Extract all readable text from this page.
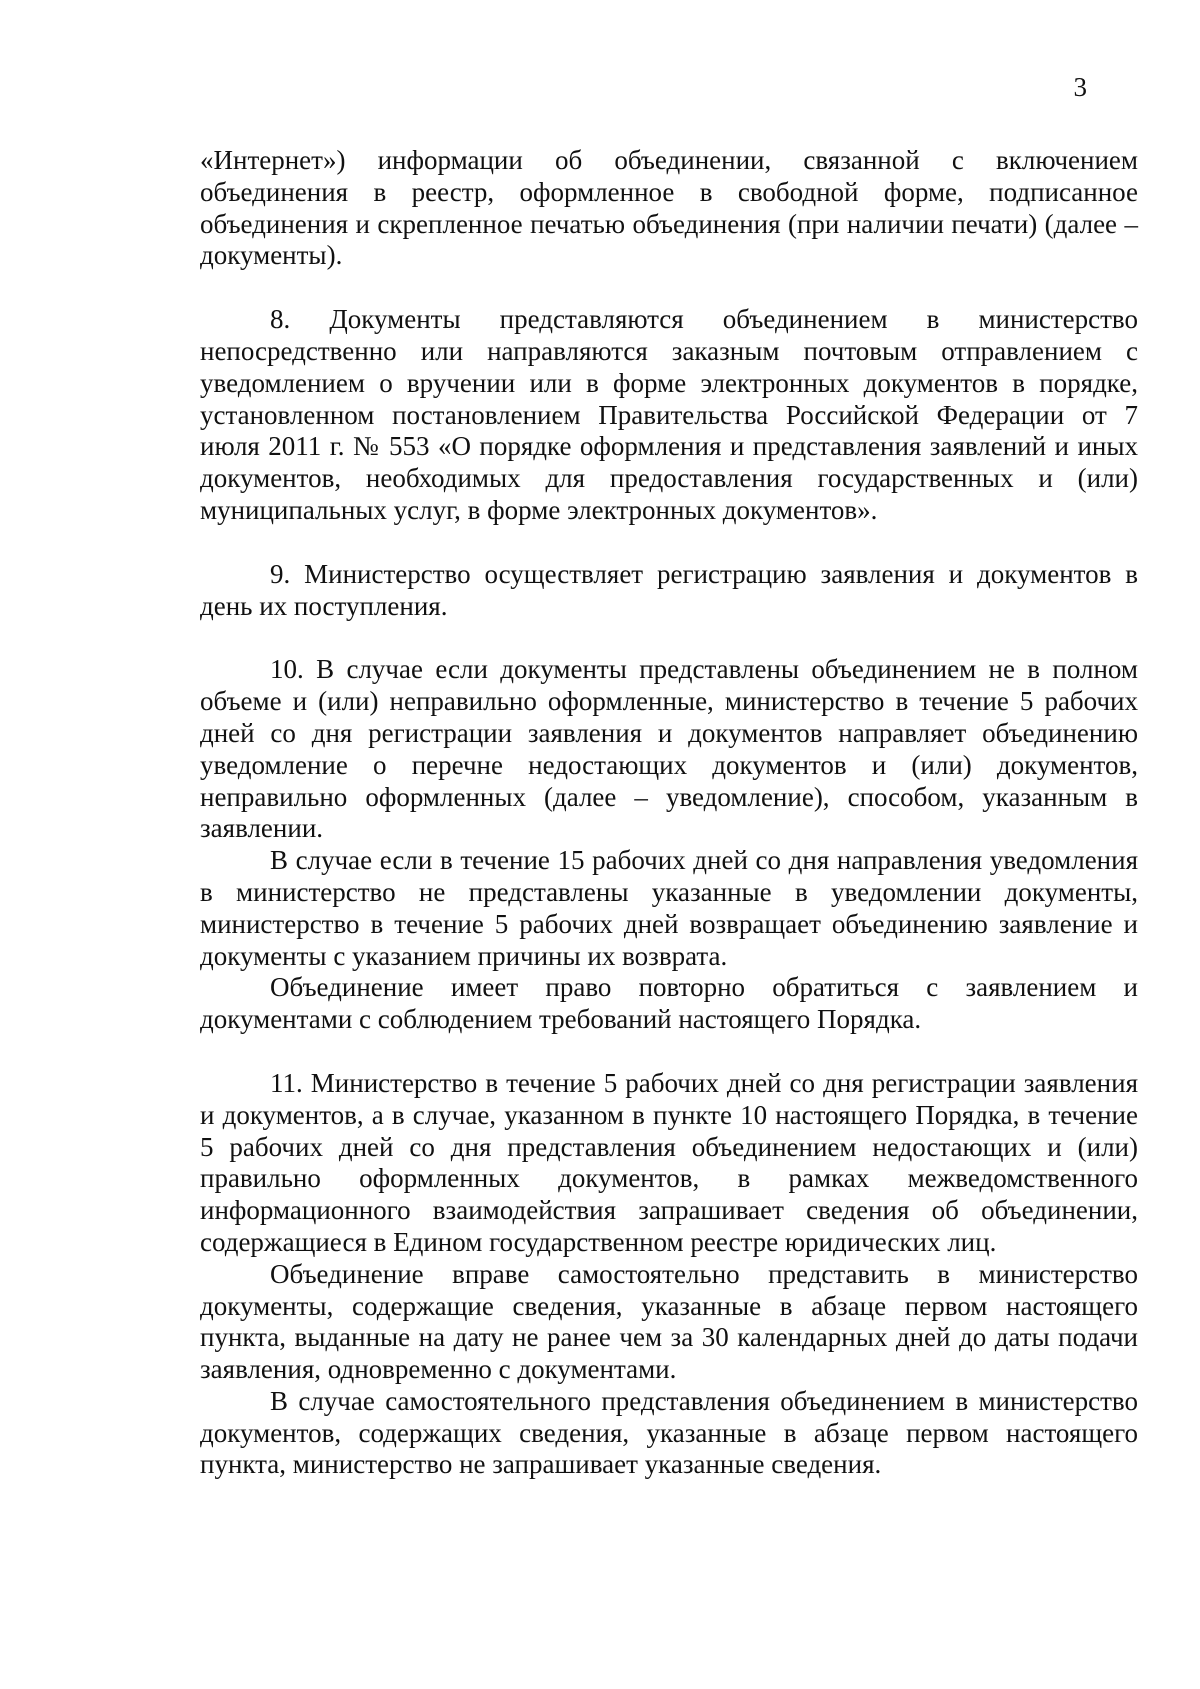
3

«Интернет») информации об объединении, связанной с включением объединения в реестр, оформленное в свободной форме, подписанное объединения и скрепленное печатью объединения (при наличии печати) (далее – документы).

8. Документы представляются объединением в министерство непосредственно или направляются заказным почтовым отправлением с уведомлением о вручении или в форме электронных документов в порядке, установленном постановлением Правительства Российской Федерации от 7 июля 2011 г. № 553 «О порядке оформления и представления заявлений и иных документов, необходимых для предоставления государственных и (или) муниципальных услуг, в форме электронных документов».

9. Министерство осуществляет регистрацию заявления и документов в день их поступления.

10. В случае если документы представлены объединением не в полном объеме и (или) неправильно оформленные, министерство в течение 5 рабочих дней со дня регистрации заявления и документов направляет объединению уведомление о перечне недостающих документов и (или) документов, неправильно оформленных (далее – уведомление), способом, указанным в заявлении.

В случае если в течение 15 рабочих дней со дня направления уведомления в министерство не представлены указанные в уведомлении документы, министерство в течение 5 рабочих дней возвращает объединению заявление и документы с указанием причины их возврата.

Объединение имеет право повторно обратиться с заявлением и документами с соблюдением требований настоящего Порядка.

11. Министерство в течение 5 рабочих дней со дня регистрации заявления и документов, а в случае, указанном в пункте 10 настоящего Порядка, в течение 5 рабочих дней со дня представления объединением недостающих и (или) правильно оформленных документов, в рамках межведомственного информационного взаимодействия запрашивает сведения об объединении, содержащиеся в Едином государственном реестре юридических лиц.

Объединение вправе самостоятельно представить в министерство документы, содержащие сведения, указанные в абзаце первом настоящего пункта, выданные на дату не ранее чем за 30 календарных дней до даты подачи заявления, одновременно с документами.

В случае самостоятельного представления объединением в министерство документов, содержащих сведения, указанные в абзаце первом настоящего пункта, министерство не запрашивает указанные сведения.
